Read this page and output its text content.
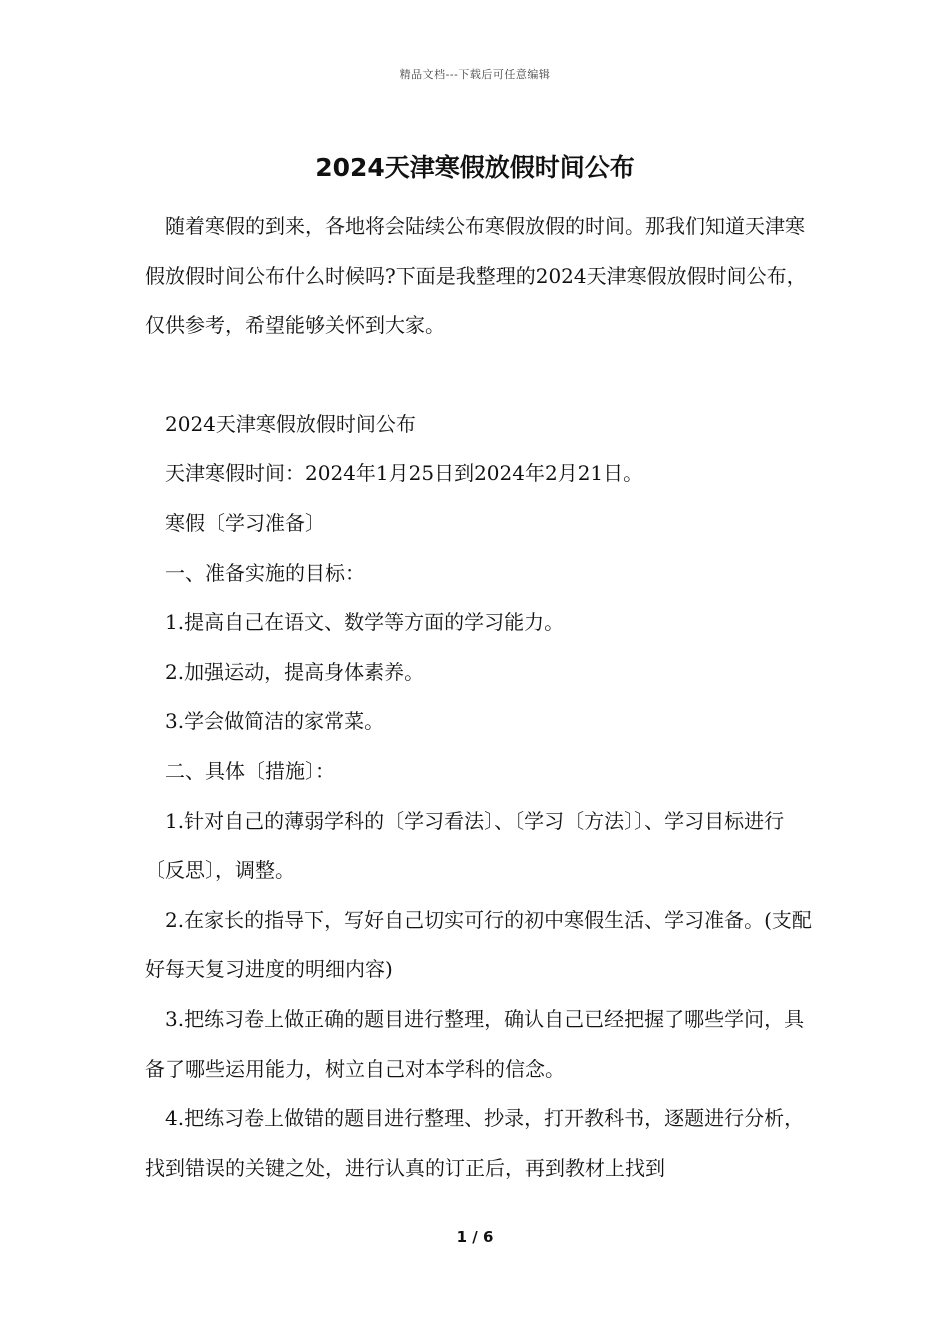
精品文档---下载后可任意编辑
2024天津寒假放假时间公布

随着寒假的到来，各地将会陆续公布寒假放假的时间。那我们知道天津寒假放假时间公布什么时候吗?下面是我整理的2024天津寒假放假时间公布，仅供参考，希望能够关怀到大家。

2024天津寒假放假时间公布

天津寒假时间：2024年1月25日到2024年2月21日。

寒假〔学习准备〕

一、准备实施的目标：

1.提高自己在语文、数学等方面的学习能力。

2.加强运动，提高身体素养。

3.学会做简洁的家常菜。

二、具体〔措施〕：

1.针对自己的薄弱学科的〔学习看法〕、〔学习〔方法〕〕、学习目标进行〔反思〕，调整。

2.在家长的指导下，写好自己切实可行的初中寒假生活、学习准备。(支配好每天复习进度的明细内容)

3.把练习卷上做正确的题目进行整理，确认自己已经把握了哪些学问，具备了哪些运用能力，树立自己对本学科的信念。

4.把练习卷上做错的题目进行整理、抄录，打开教科书，逐题进行分析，找到错误的关键之处，进行认真的订正后，再到教材上找到

1 / 6
